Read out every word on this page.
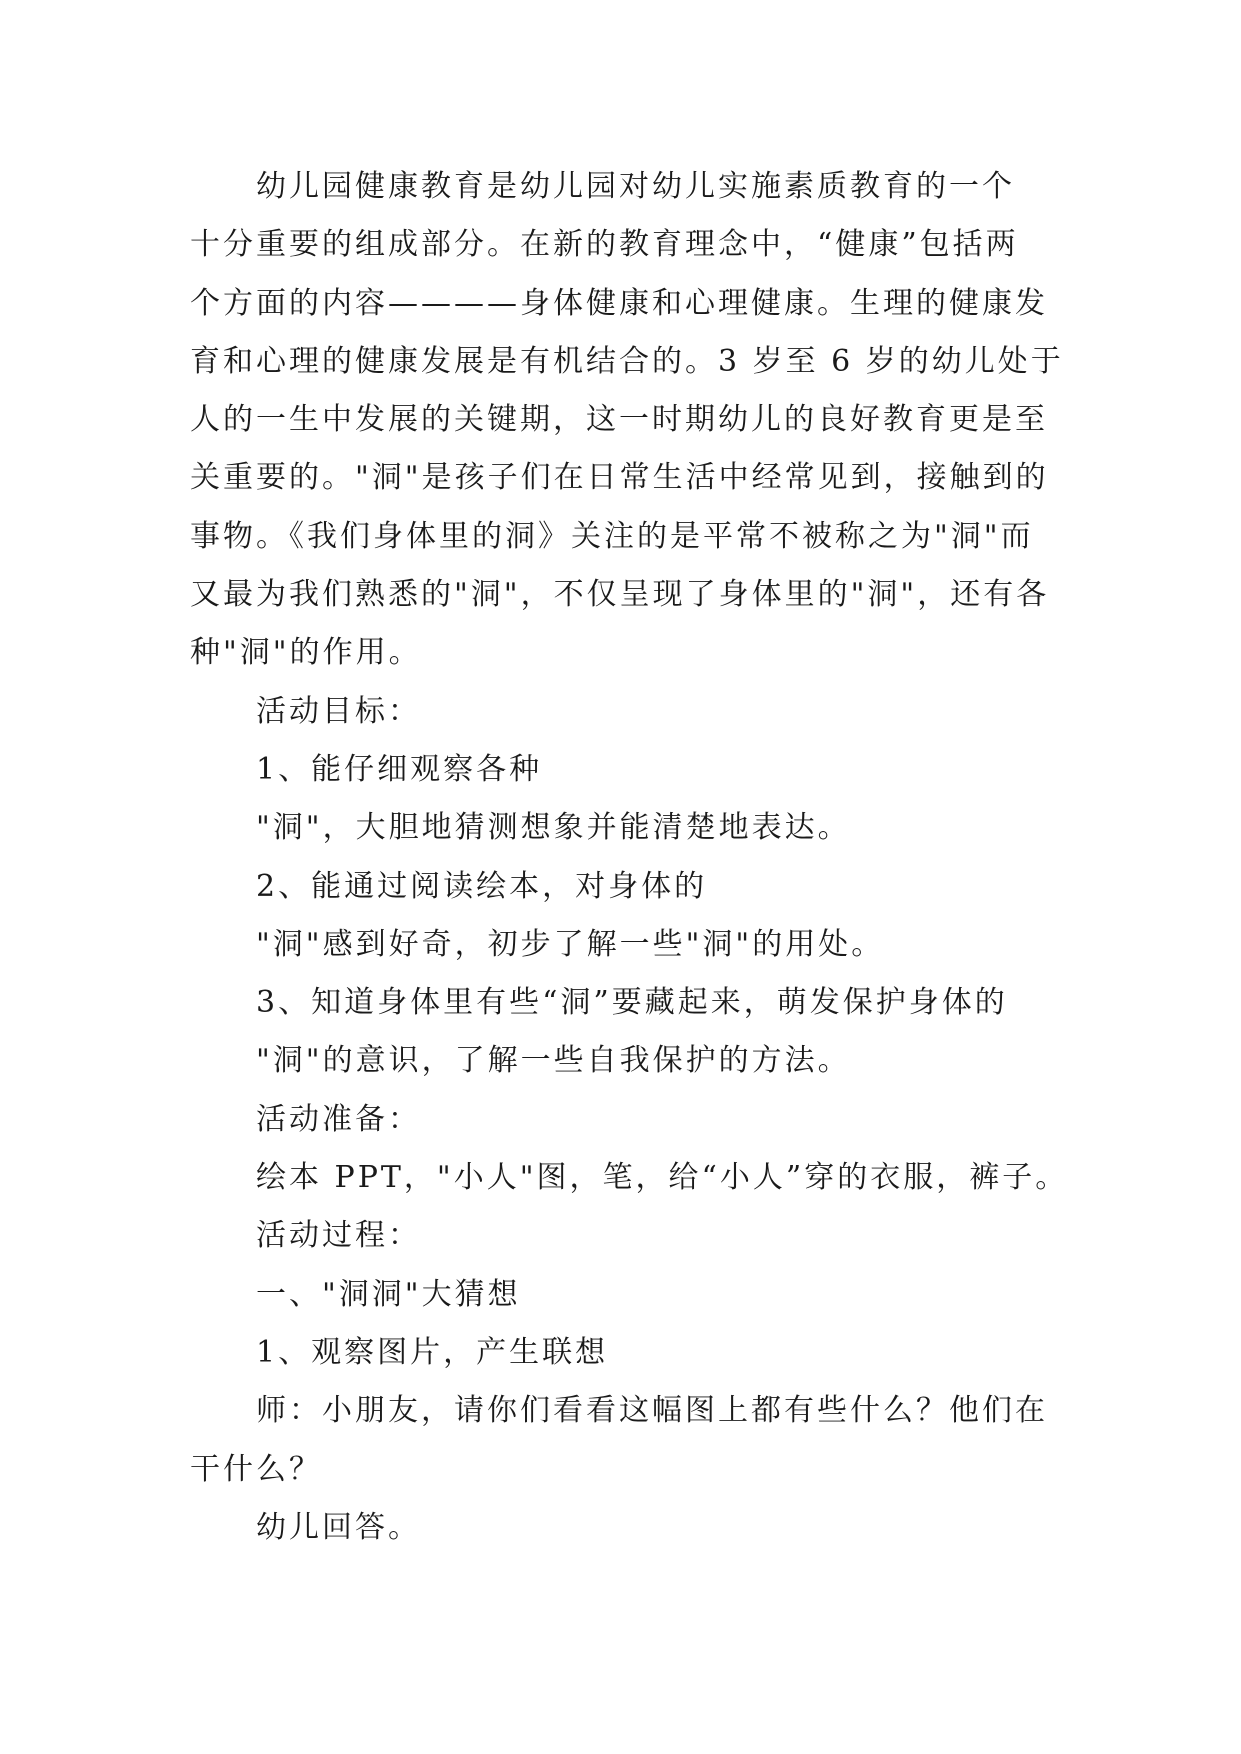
幼儿园健康教育是幼儿园对幼儿实施素质教育的一个
十分重要的组成部分。在新的教育理念中，“健康”包括两
个方面的内容————身体健康和心理健康。生理的健康发
育和心理的健康发展是有机结合的。3 岁至 6 岁的幼儿处于
人的一生中发展的关键期，这一时期幼儿的良好教育更是至
关重要的。"洞"是孩子们在日常生活中经常见到，接触到的
事物。《我们身体里的洞》关注的是平常不被称之为"洞"而
又最为我们熟悉的"洞"，不仅呈现了身体里的"洞"，还有各
种"洞"的作用。
活动目标：
1、能仔细观察各种
"洞"，大胆地猜测想象并能清楚地表达。
2、能通过阅读绘本，对身体的
"洞"感到好奇，初步了解一些"洞"的用处。
3、知道身体里有些“洞”要藏起来，萌发保护身体的
"洞"的意识，了解一些自我保护的方法。
活动准备：
绘本 PPT，"小人"图，笔，给“小人”穿的衣服，裤子。
活动过程：
一、"洞洞"大猜想
1、观察图片，产生联想
师：小朋友，请你们看看这幅图上都有些什么？他们在
干什么？
幼儿回答。
